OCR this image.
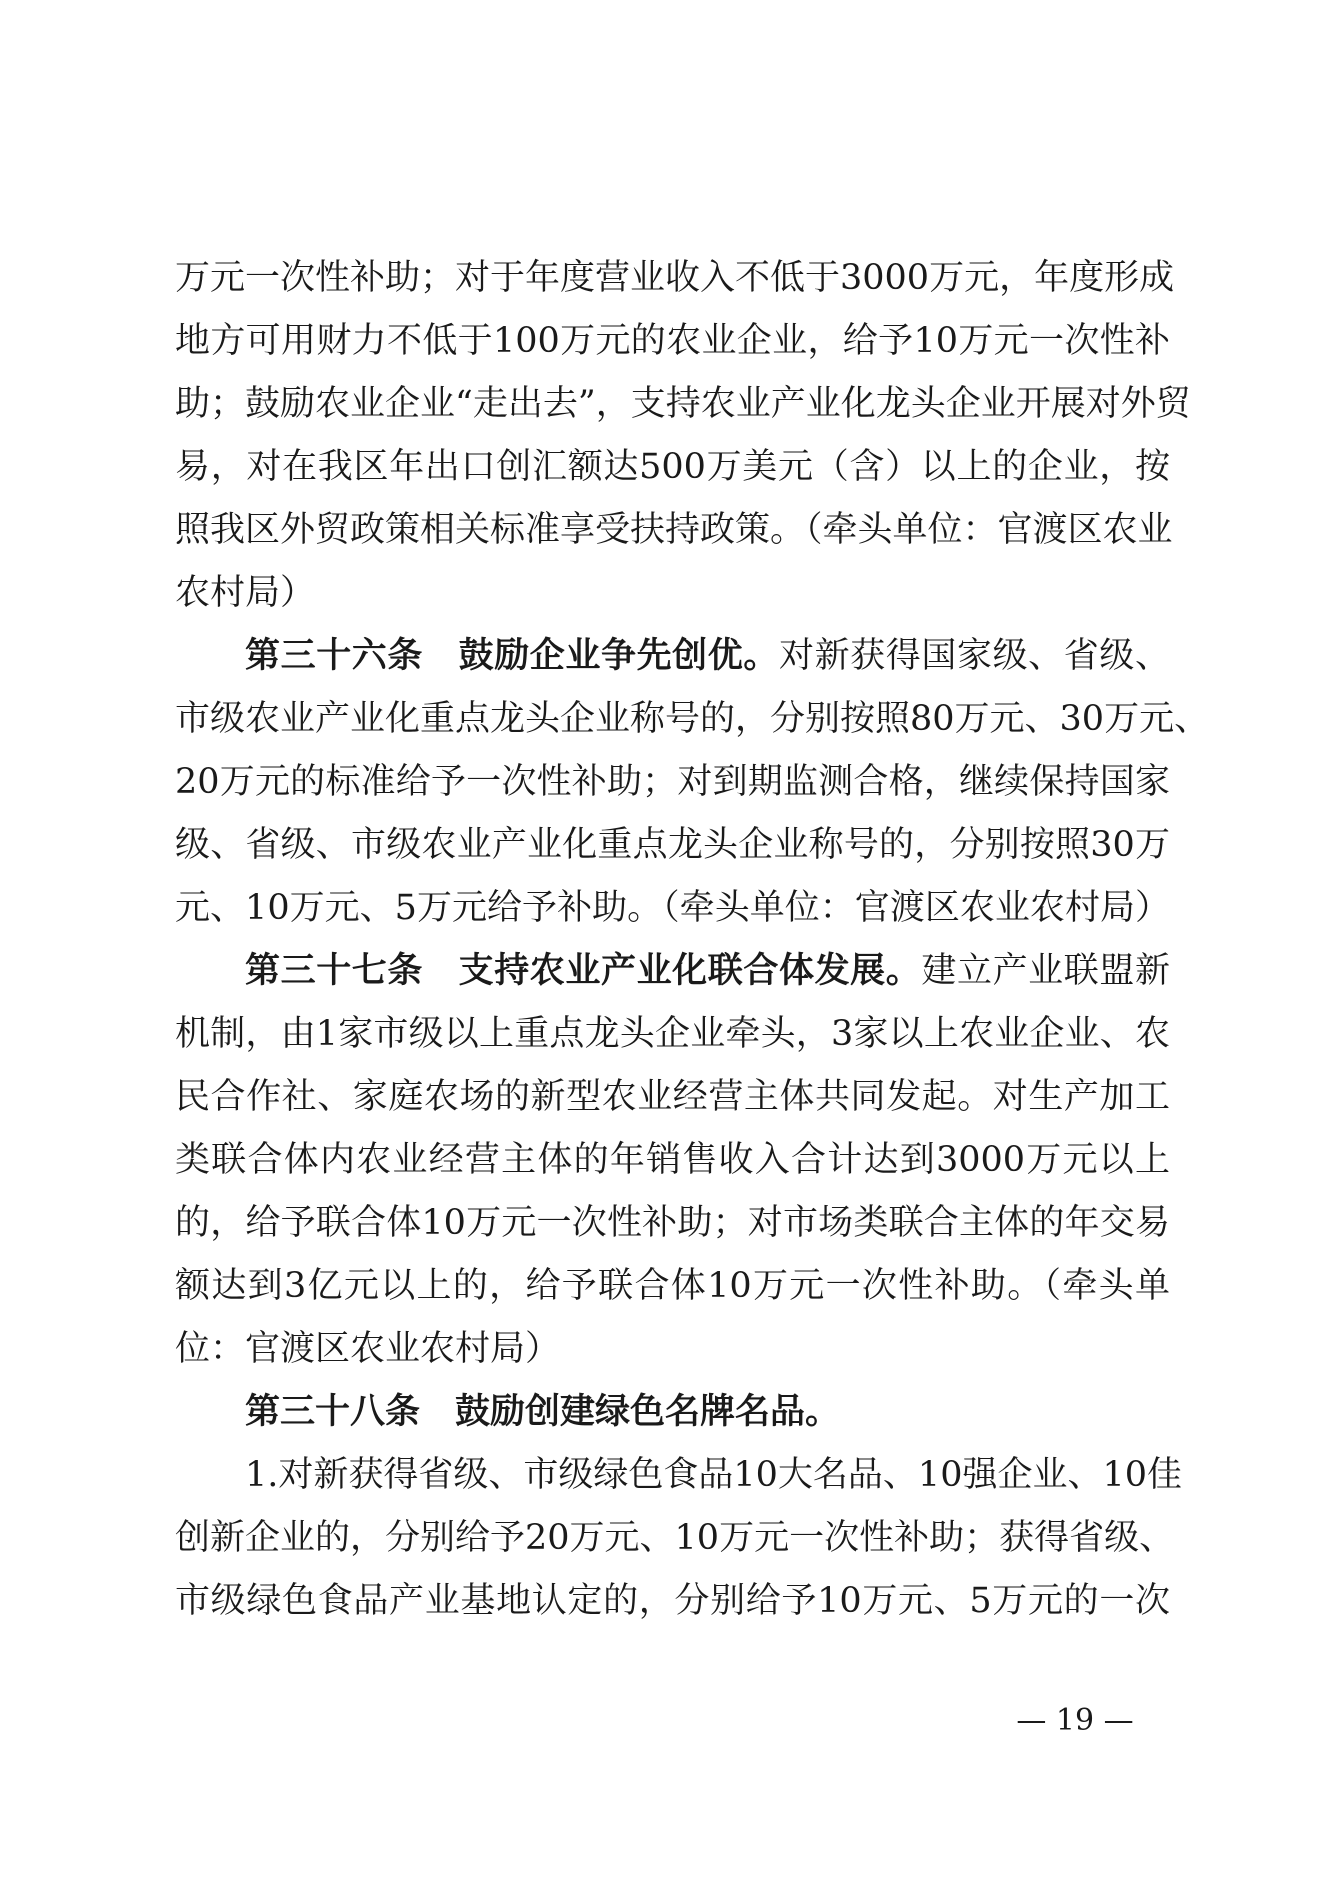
万元一次性补助；对于年度营业收入不低于3000万元，年度形成
地方可用财力不低于100万元的农业企业，给予10万元一次性补
助；鼓励农业企业“走出去”，支持农业产业化龙头企业开展对外贸
易，对在我区年出口创汇额达500万美元（含）以上的企业，按
照我区外贸政策相关标准享受扶持政策。（牵头单位：官渡区农业
农村局）
第三十六条　鼓励企业争先创优。对新获得国家级、省级、
市级农业产业化重点龙头企业称号的，分别按照80万元、30万元、
20万元的标准给予一次性补助；对到期监测合格，继续保持国家
级、省级、市级农业产业化重点龙头企业称号的，分别按照30万
元、10万元、5万元给予补助。（牵头单位：官渡区农业农村局）
第三十七条　支持农业产业化联合体发展。建立产业联盟新
机制，由1家市级以上重点龙头企业牵头，3家以上农业企业、农
民合作社、家庭农场的新型农业经营主体共同发起。对生产加工
类联合体内农业经营主体的年销售收入合计达到3000万元以上
的，给予联合体10万元一次性补助；对市场类联合主体的年交易
额达到3亿元以上的，给予联合体10万元一次性补助。（牵头单
位：官渡区农业农村局）
第三十八条　鼓励创建绿色名牌名品。
1.对新获得省级、市级绿色食品10大名品、10强企业、10佳
创新企业的，分别给予20万元、10万元一次性补助；获得省级、
市级绿色食品产业基地认定的，分别给予10万元、5万元的一次
— 19 —
